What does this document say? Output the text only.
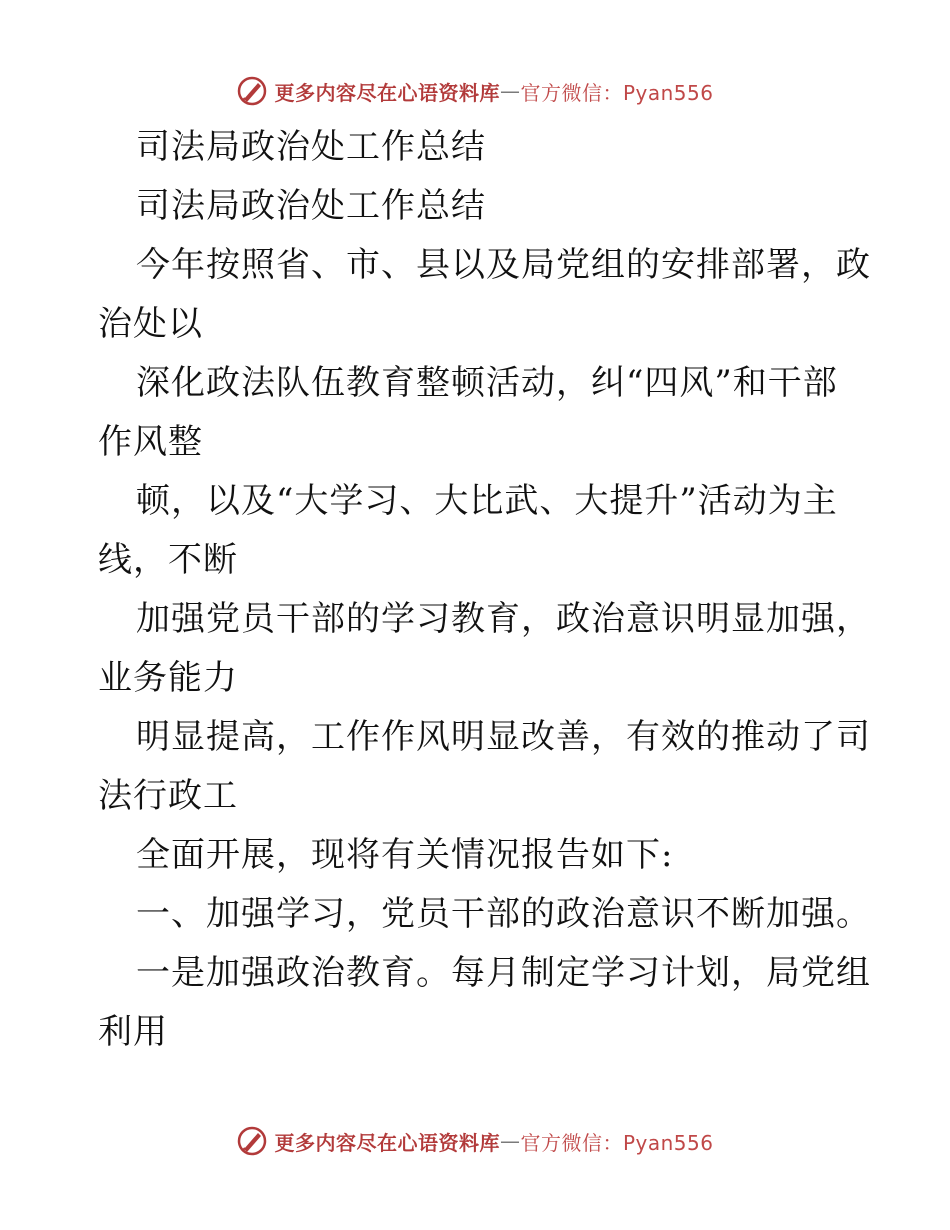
更多内容尽在心语资料库 — 官方微信：Pyan556
司法局政治处工作总结
司法局政治处工作总结
今年按照省、市、县以及局党组的安排部署，政
治处以
深化政法队伍教育整顿活动，纠“四风”和干部
作风整
顿，以及“大学习、大比武、大提升”活动为主
线，不断
加强党员干部的学习教育，政治意识明显加强，
业务能力
明显提高，工作作风明显改善，有效的推动了司
法行政工
全面开展，现将有关情况报告如下:
一、加强学习，党员干部的政治意识不断加强。
一是加强政治教育。每月制定学习计划，局党组
利用
更多内容尽在心语资料库 — 官方微信：Pyan556
